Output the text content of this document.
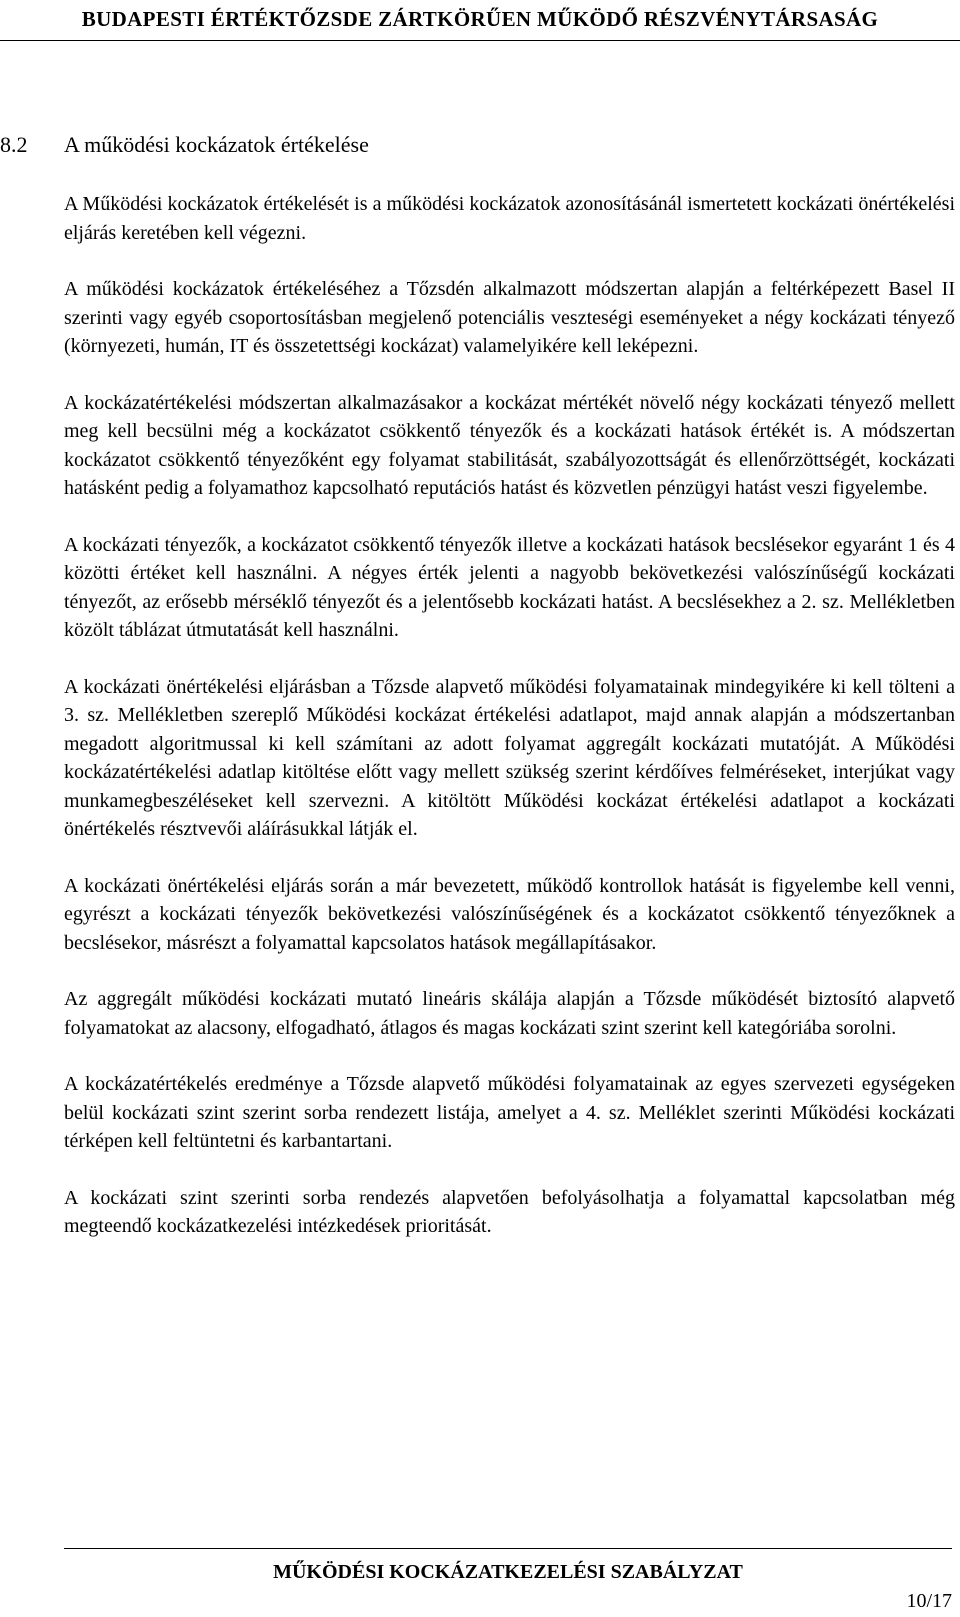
BUDAPESTI ÉRTÉKTŐZSDE ZÁRTKÖRŰEN MŰKÖDŐ RÉSZVÉNYTÁRSASÁG
8.2 A működési kockázatok értékelése

A Működési kockázatok értékelését is a működési kockázatok azonosításánál ismertetett kockázati önértékelési eljárás keretében kell végezni.

A működési kockázatok értékeléséhez a Tőzsdén alkalmazott módszertan alapján a feltérképezett Basel II szerinti vagy egyéb csoportosításban megjelenő potenciális veszteségi eseményeket a négy kockázati tényező (környezeti, humán, IT és összetettségi kockázat) valamelyikére kell leképezni.

A kockázatértékelési módszertan alkalmazásakor a kockázat mértékét növelő négy kockázati tényező mellett meg kell becsülni még a kockázatot csökkentő tényezők és a kockázati hatások értékét is. A módszertan kockázatot csökkentő tényezőként egy folyamat stabilitását, szabályozottságát és ellenőrzöttségét, kockázati hatásként pedig a folyamathoz kapcsolható reputációs hatást és közvetlen pénzügyi hatást veszi figyelembe.

A kockázati tényezők, a kockázatot csökkentő tényezők illetve a kockázati hatások becslésekor egyaránt 1 és 4 közötti értéket kell használni. A négyes érték jelenti a nagyobb bekövetkezési valószínűségű kockázati tényezőt, az erősebb mérséklő tényezőt és a jelentősebb kockázati hatást. A becslésekhez a 2. sz. Mellékletben közölt táblázat útmutatását kell használni.

A kockázati önértékelési eljárásban a Tőzsde alapvető működési folyamatainak mindegyikére ki kell tölteni a 3. sz. Mellékletben szereplő Működési kockázat értékelési adatlapot, majd annak alapján a módszertanban megadott algoritmussal ki kell számítani az adott folyamat aggregált kockázati mutatóját. A Működési kockázatértékelési adatlap kitöltése előtt vagy mellett szükség szerint kérdőíves felméréseket, interjúkat vagy munkamegbeszéléseket kell szervezni. A kitöltött Működési kockázat értékelési adatlapot a kockázati önértékelés résztvevői aláírásukkal látják el.

A kockázati önértékelési eljárás során a már bevezetett, működő kontrollok hatását is figyelembe kell venni, egyrészt a kockázati tényezők bekövetkezési valószínűségének és a kockázatot csökkentő tényezőknek a becslésekor, másrészt a folyamattal kapcsolatos hatások megállapításakor.

Az aggregált működési kockázati mutató lineáris skálája alapján a Tőzsde működését biztosító alapvető folyamatokat az alacsony, elfogadható, átlagos és magas kockázati szint szerint kell kategóriába sorolni.

A kockázatértékelés eredménye a Tőzsde alapvető működési folyamatainak az egyes szervezeti egységeken belül kockázati szint szerint sorba rendezett listája, amelyet a 4. sz. Melléklet szerinti Működési kockázati térképen kell feltüntetni és karbantartani.

A kockázati szint szerinti sorba rendezés alapvetően befolyásolhatja a folyamattal kapcsolatban még megteendő kockázatkezelési intézkedések prioritását.

MŰKÖDÉSI KOCKÁZATKEZELÉSI SZABÁLYZAT
10/17
